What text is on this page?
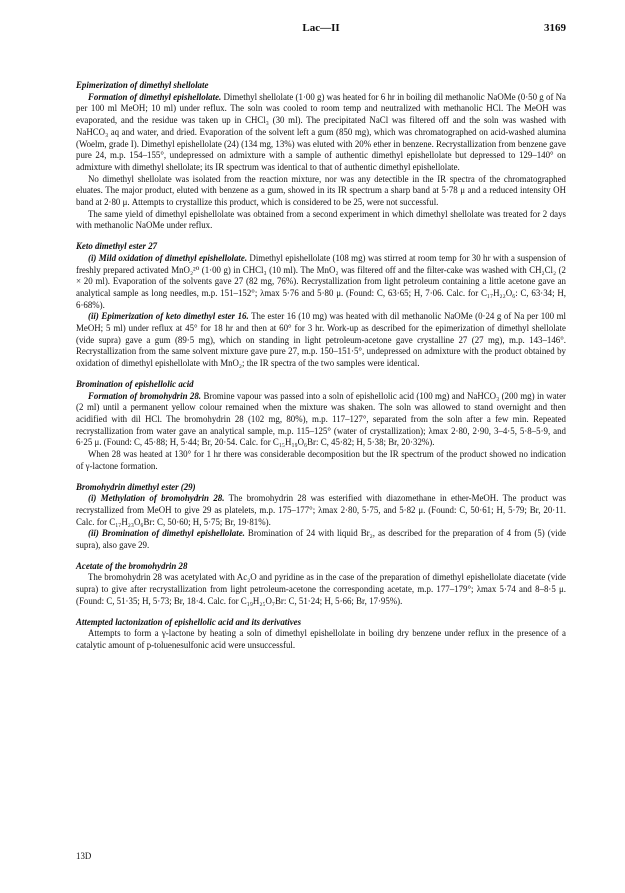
Lac—II	3169
Epimerization of dimethyl shellolate

Formation of dimethyl epishellolate. Dimethyl shellolate (1·00 g) was heated for 6 hr in boiling dil methanolic NaOMe (0·50 g of Na per 100 ml MeOH; 10 ml) under reflux. The soln was cooled to room temp and neutralized with methanolic HCl. The MeOH was evaporated, and the residue was taken up in CHCl₃ (30 ml). The precipitated NaCl was filtered off and the soln was washed with NaHCO₃ aq and water, and dried. Evaporation of the solvent left a gum (850 mg), which was chromatographed on acid-washed alumina (Woelm, grade I). Dimethyl epishellolate (24) (134 mg, 13%) was eluted with 20% ether in benzene. Recrystallization from benzene gave pure 24, m.p. 154–155°, undepressed on admixture with a sample of authentic dimethyl epishellolate but depressed to 129–140° on admixture with dimethyl shellolate; its IR spectrum was identical to that of authentic dimethyl epishellolate.

No dimethyl shellolate was isolated from the reaction mixture, nor was any detectible in the IR spectra of the chromatographed eluates. The major product, eluted with benzene as a gum, showed in its IR spectrum a sharp band at 5·78 μ and a reduced intensity OH band at 2·80 μ. Attempts to crystallize this product, which is considered to be 25, were not successful.

The same yield of dimethyl epishellolate was obtained from a second experiment in which dimethyl shellolate was treated for 2 days with methanolic NaOMe under reflux.

Keto dimethyl ester 27

(i) Mild oxidation of dimethyl epishellolate. Dimethyl epishellolate (108 mg) was stirred at room temp for 30 hr with a suspension of freshly prepared activated MnO₂²⁰ (1·00 g) in CHCl₃ (10 ml). The MnO₂ was filtered off and the filter-cake was washed with CH₂Cl₂ (2 × 20 ml). Evaporation of the solvents gave 27 (82 mg, 76%). Recrystallization from light petroleum containing a little acetone gave an analytical sample as long needles, m.p. 151–152°; λmax 5·76 and 5·80 μ. (Found: C, 63·65; H, 7·06. Calc. for C₁₇H₂₂O₆: C, 63·34; H, 6·68%).

(ii) Epimerization of keto dimethyl ester 16. The ester 16 (10 mg) was heated with dil methanolic NaOMe (0·24 g of Na per 100 ml MeOH; 5 ml) under reflux at 45° for 18 hr and then at 60° for 3 hr. Work-up as described for the epimerization of dimethyl shellolate (vide supra) gave a gum (89·5 mg), which on standing in light petroleum-acetone gave crystalline 27 (27 mg), m.p. 143–146°. Recrystallization from the same solvent mixture gave pure 27, m.p. 150–151·5°, undepressed on admixture with the product obtained by oxidation of dimethyl epishellolate with MnO₂; the IR spectra of the two samples were identical.

Bromination of epishellolic acid

Formation of bromohydrin 28. Bromine vapour was passed into a soln of epishellolic acid (100 mg) and NaHCO₃ (200 mg) in water (2 ml) until a permanent yellow colour remained when the mixture was shaken. The soln was allowed to stand overnight and then acidified with dil HCl. The bromohydrin 28 (102 mg, 80%), m.p. 117–127°, separated from the soln after a few min. Repeated recrystallization from water gave an analytical sample, m.p. 115–125° (water of crystallization); λmax 2·80, 2·90, 3–4·5, 5·8–5·9, and 6·25 μ. (Found: C, 45·88; H, 5·44; Br, 20·54. Calc. for C₁₅H₁₉O₆Br: C, 45·82; H, 5·38; Br, 20·32%).

When 28 was heated at 130° for 1 hr there was considerable decomposition but the IR spectrum of the product showed no indication of γ-lactone formation.

Bromohydrin dimethyl ester (29)

(i) Methylation of bromohydrin 28. The bromohydrin 28 was esterified with diazomethane in ether-MeOH. The product was recrystallized from MeOH to give 29 as platelets, m.p. 175–177°; λmax 2·80, 5·75, and 5·82 μ. (Found: C, 50·61; H, 5·79; Br, 20·11. Calc. for C₁₇H₂₃O₆Br: C, 50·60; H, 5·75; Br, 19·81%).

(ii) Bromination of dimethyl epishellolate. Bromination of 24 with liquid Br₂, as described for the preparation of 4 from (5) (vide supra), also gave 29.

Acetate of the bromohydrin 28

The bromohydrin 28 was acetylated with Ac₂O and pyridine as in the case of the preparation of dimethyl epishellolate diacetate (vide supra) to give after recrystallization from light petroleum-acetone the corresponding acetate, m.p. 177–179°; λmax 5·74 and 8–8·5 μ. (Found: C, 51·35; H, 5·73; Br, 18·4. Calc. for C₁₉H₂₅O₇Br: C, 51·24; H, 5·66; Br, 17·95%).

Attempted lactonization of epishellolic acid and its derivatives

Attempts to form a γ-lactone by heating a soln of dimethyl epishellolate in boiling dry benzene under reflux in the presence of a catalytic amount of p-toluenesulfonic acid were unsuccessful.

13D
